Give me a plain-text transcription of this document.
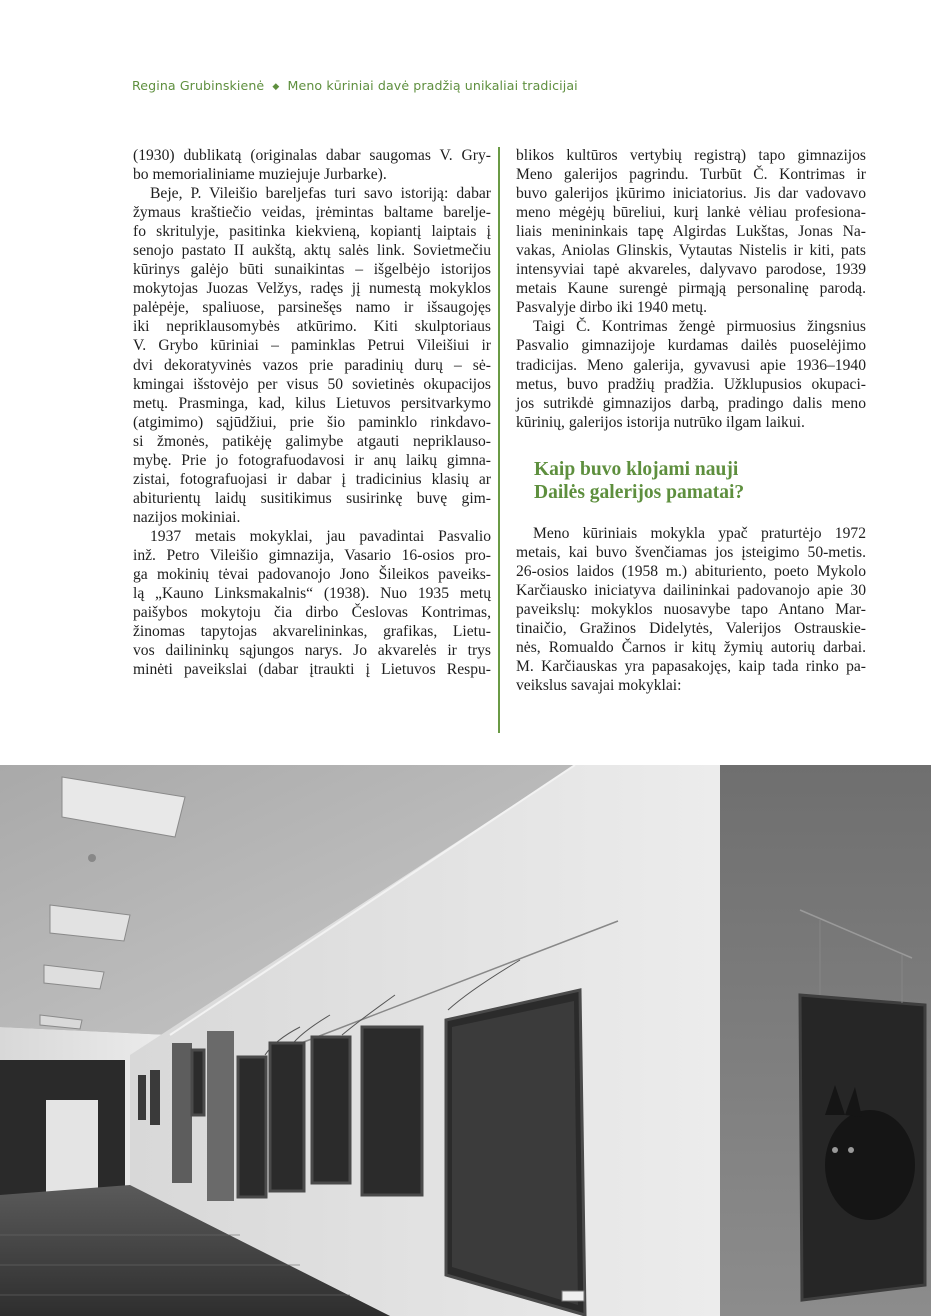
Regina Grubinskienė ◆ Meno kūriniai davė pradžią unikaliai tradicijai

(1930) dublikatą (originalas dabar saugomas V. Gry-
bo memorialiniame muziejuje Jurbarke).

Beje, P. Vileišio bareljefas turi savo istoriją: dabar
žymaus kraštiečio veidas, įrėmintas baltame barelje-
fo skritulyje, pasitinka kiekvieną, kopiantį laiptais į
senojo pastato II aukštą, aktų salės link. Sovietmečiu
kūrinys galėjo būti sunaikintas – išgelbėjo istorijos
mokytojas Juozas Velžys, radęs jį numestą mokyklos
palėpėje, spaliuose, parsinešęs namo ir išsaugojęs
iki nepriklausomybės atkūrimo. Kiti skulptoriaus
V. Grybo kūriniai – paminklas Petrui Vileišiui ir
dvi dekoratyvinės vazos prie paradinių durų – sė-
kmingai išstovėjo per visus 50 sovietinės okupacijos
metų. Prasminga, kad, kilus Lietuvos persitvarkymo
(atgimimo) sąjūdžiui, prie šio paminklo rinkdavo-
si žmonės, patikėję galimybe atgauti nepriklauso-
mybę. Prie jo fotografuodavosi ir anų laikų gimna-
zistai, fotografuojasi ir dabar į tradicinius klasių ar
abiturientų laidų susitikimus susirinkę buvę gim-
nazijos mokiniai.

1937 metais mokyklai, jau pavadintai Pasvalio
inž. Petro Vileišio gimnazija, Vasario 16-osios pro-
ga mokinių tėvai padovanojo Jono Šileikos paveiks-
lą „Kauno Linksmakalnis“ (1938). Nuo 1935 metų
paišybos mokytoju čia dirbo Česlovas Kontrimas,
žinomas tapytojas akvarelininkas, grafikas, Lietu-
vos dailininkų sąjungos narys. Jo akvarelės ir trys
minėti paveikslai (dabar įtraukti į Lietuvos Respu-

blikos kultūros vertybių registrą) tapo gimnazijos
Meno galerijos pagrindu. Turbūt Č. Kontrimas ir
buvo galerijos įkūrimo iniciatorius. Jis dar vadovavo
meno mėgėjų būreliui, kurį lankė vėliau profesiona-
liais menininkais tapę Algirdas Lukštas, Jonas Na-
vakas, Aniolas Glinskis, Vytautas Nistelis ir kiti, pats
intensyviai tapė akvareles, dalyvavo parodose, 1939
metais Kaune surengė pirmąją personalinę parodą.
Pasvalyje dirbo iki 1940 metų.

Taigi Č. Kontrimas žengė pirmuosius žingsnius
Pasvalio gimnazijoje kurdamas dailės puoselėjimo
tradicijas. Meno galerija, gyvavusi apie 1936–1940
metus, buvo pradžių pradžia. Užklupusios okupaci-
jos sutrikdė gimnazijos darbą, pradingo dalis meno
kūrinių, galerijos istorija nutrūko ilgam laikui.

Kaip buvo klojami nauji
Dailės galerijos pamatai?

Meno kūriniais mokykla ypač praturtėjo 1972
metais, kai buvo švenčiamas jos įsteigimo 50-metis.
26-osios laidos (1958 m.) abituriento, poeto Mykolo
Karčiausko iniciatyva dailininkai padovanojo apie 30
paveikslų: mokyklos nuosavybe tapo Antano Mar-
tinaičio, Gražinos Didelytės, Valerijos Ostrauskie-
nės, Romualdo Čarnos ir kitų žymių autorių darbai.
M. Karčiauskas yra papasakojęs, kaip tada rinko pa-
veikslus savajai mokyklai:
